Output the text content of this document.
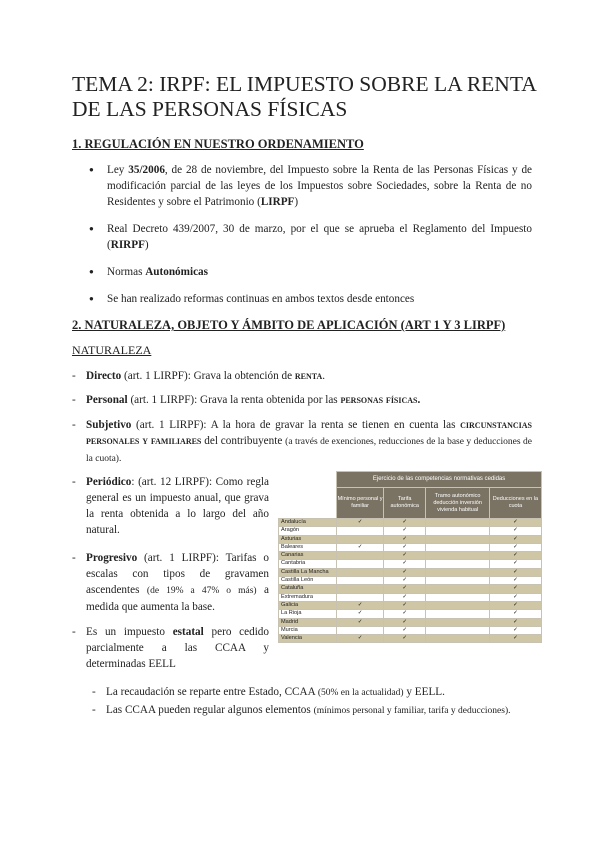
TEMA 2: IRPF: EL IMPUESTO SOBRE LA RENTA DE LAS PERSONAS FÍSICAS
1. REGULACIÓN EN NUESTRO ORDENAMIENTO
● Ley 35/2006, de 28 de noviembre, del Impuesto sobre la Renta de las Personas Físicas y de modificación parcial de las leyes de los Impuestos sobre Sociedades, sobre la Renta de no Residentes y sobre el Patrimonio (LIRPF)
● Real Decreto 439/2007, 30 de marzo, por el que se aprueba el Reglamento del Impuesto (RIRPF)
● Normas Autonómicas
● Se han realizado reformas continuas en ambos textos desde entonces
2. NATURALEZA, OBJETO Y ÁMBITO DE APLICACIÓN (ART 1 Y 3 LIRPF)
NATURALEZA
- Directo (art. 1 LIRPF): Grava la obtención de renta.
- Personal (art. 1 LIRPF): Grava la renta obtenida por las personas físicas.
- Subjetivo (art. 1 LIRPF): A la hora de gravar la renta se tienen en cuenta las circunstancias personales y familiares del contribuyente (a través de exenciones, reducciones de la base y deducciones de la cuota).
- Periódico: (art. 12 LIRPF): Como regla general es un impuesto anual, que grava la renta obtenida a lo largo del año natural.
- Progresivo (art. 1 LIRPF): Tarifas o escalas con tipos de gravamen ascendentes (de 19% a 47% o más) a medida que aumenta la base.
- Es un impuesto estatal pero cedido parcialmente a las CCAA y determinadas EELL
- La recaudación se reparte entre Estado, CCAA (50% en la actualidad) y EELL.
- Las CCAA pueden regular algunos elementos (mínimos personal y familiar, tarifa y deducciones).
	Ejercicio de las competencias normativas cedidas			
	Mínimo personal y familiar	Tarifa autonómica	Tramo autonómico deducción inversión vivienda habitual	Deducciones en la cuota
Andalucía	✓	✓		✓
Aragón		✓		✓
Asturias		✓		✓
Baleares	✓	✓		✓
Canarias		✓		✓
Cantabria		✓		✓
Castilla La Mancha		✓		✓
Castilla León		✓		✓
Cataluña		✓		✓
Extremadura		✓		✓
Galicia	✓	✓		✓
La Rioja	✓	✓		✓
Madrid	✓	✓		✓
Murcia		✓		✓
Valencia	✓	✓		✓
